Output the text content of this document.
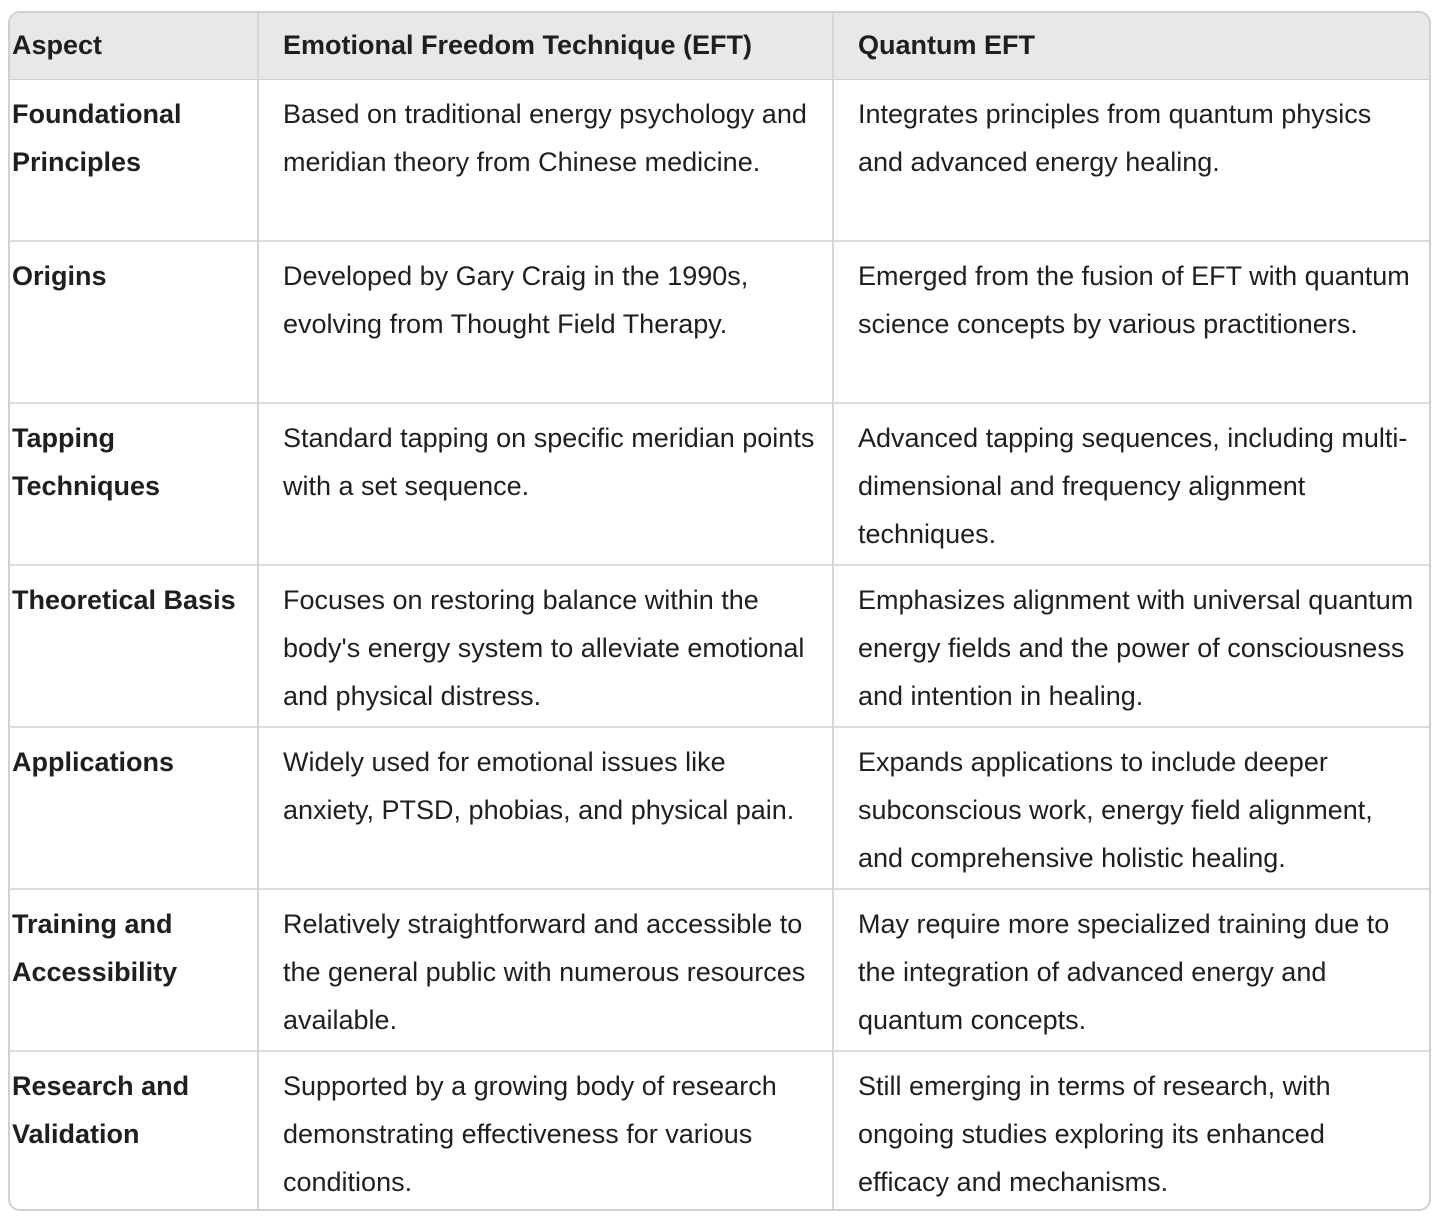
Aspect	Emotional Freedom Technique (EFT)	Quantum EFT
Foundational Principles	Based on traditional energy psychology and meridian theory from Chinese medicine.	Integrates principles from quantum physics and advanced energy healing.
Origins	Developed by Gary Craig in the 1990s, evolving from Thought Field Therapy.	Emerged from the fusion of EFT with quantum science concepts by various practitioners.
Tapping Techniques	Standard tapping on specific meridian points with a set sequence.	Advanced tapping sequences, including multi-dimensional and frequency alignment techniques.
Theoretical Basis	Focuses on restoring balance within the body's energy system to alleviate emotional and physical distress.	Emphasizes alignment with universal quantum energy fields and the power of consciousness and intention in healing.
Applications	Widely used for emotional issues like anxiety, PTSD, phobias, and physical pain.	Expands applications to include deeper subconscious work, energy field alignment, and comprehensive holistic healing.
Training and Accessibility	Relatively straightforward and accessible to the general public with numerous resources available.	May require more specialized training due to the integration of advanced energy and quantum concepts.
Research and Validation	Supported by a growing body of research demonstrating effectiveness for various conditions.	Still emerging in terms of research, with ongoing studies exploring its enhanced efficacy and mechanisms.
